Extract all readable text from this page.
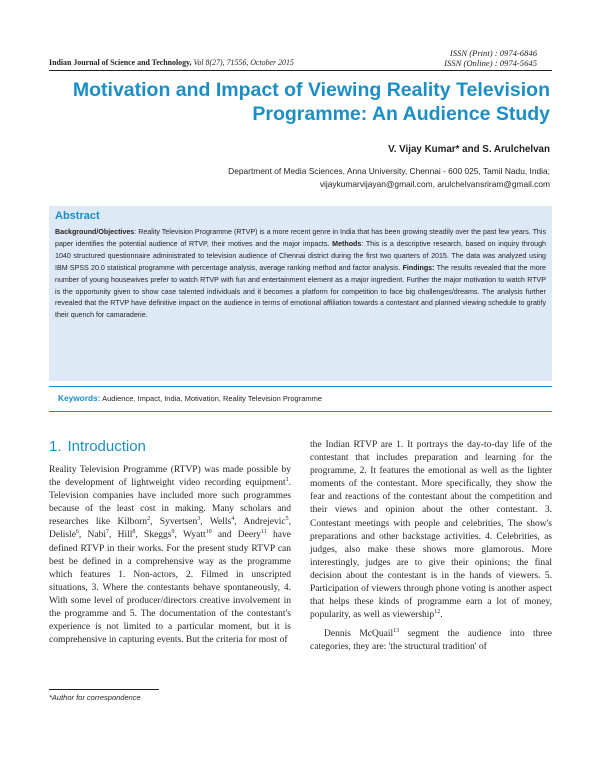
ISSN (Print) : 0974-6846
ISSN (Online) : 0974-5645
Indian Journal of Science and Technology, Vol 8(27), 71556, October 2015
Motivation and Impact of Viewing Reality Television Programme: An Audience Study
V. Vijay Kumar* and S. Arulchelvan
Department of Media Sciences, Anna University, Chennai - 600 025, Tamil Nadu, India;
vijaykumarvijayan@gmail.com, arulchelvansriram@gmail.com
Abstract
Background/Objectives: Reality Television Programme (RTVP) is a more recent genre in India that has been growing steadily over the past few years. This paper identifies the potential audience of RTVP, their motives and the major impacts. Methods: This is a descriptive research, based on inquiry through 1040 structured questionnaire administrated to television audience of Chennai district during the first two quarters of 2015. The data was analyzed using IBM SPSS 20.0 statistical programme with percentage analysis, average ranking method and factor analysis. Findings: The results revealed that the more number of young housewives prefer to watch RTVP with fun and entertainment element as a major ingredient. Further the major motivation to watch RTVP is the opportunity given to show case talented individuals and it becomes a platform for competition to face big challenges/dreams. The analysis further revealed that the RTVP have definitive impact on the audience in terms of emotional affiliation towards a contestant and planned viewing schedule to gratify their quench for camaraderie.
Keywords: Audience, Impact, India, Motivation, Reality Television Programme
1. Introduction

Reality Television Programme (RTVP) was made possible by the development of lightweight video recording equipment$^1$. Television companies have included more such programmes because of the least cost in making. Many scholars and researches like Kilborn$^2$, Syvertsen$^3$, Wells$^4$, Andrejevic$^5$, Delisle$^6$, Nabi$^7$, Hill$^8$, Skeggs$^9$, Wyatt$^{10}$ and Deery$^{11}$ have defined RTVP in their works. For the present study RTVP can best be defined in a comprehensive way as the programme which features 1. Non-actors, 2. Filmed in unscripted situations, 3. Where the contestants behave spontaneously, 4. With some level of producer/directors creative involvement in the programme and 5. The documentation of the contestant's experience is not limited to a particular moment, but it is comprehensive in capturing events. But the criteria for most of

the Indian RTVP are 1. It portrays the day-to-day life of the contestant that includes preparation and learning for the programme, 2. It features the emotional as well as the lighter moments of the contestant. More specifically, they show the fear and reactions of the contestant about the competition and their views and opinion about the other contestant. 3. Contestant meetings with people and celebrities, The show's preparations and other backstage activities. 4. Celebrities, as judges, also make these shows more glamorous. More interestingly, judges are to give their opinions; the final decision about the contestant is in the hands of viewers. 5. Participation of viewers through phone voting is another aspect that helps these kinds of programme earn a lot of money, popularity, as well as viewership$^{12}$.

Dennis McQuail$^{13}$ segment the audience into three categories, they are: 'the structural tradition' of

*Author for correspondence
